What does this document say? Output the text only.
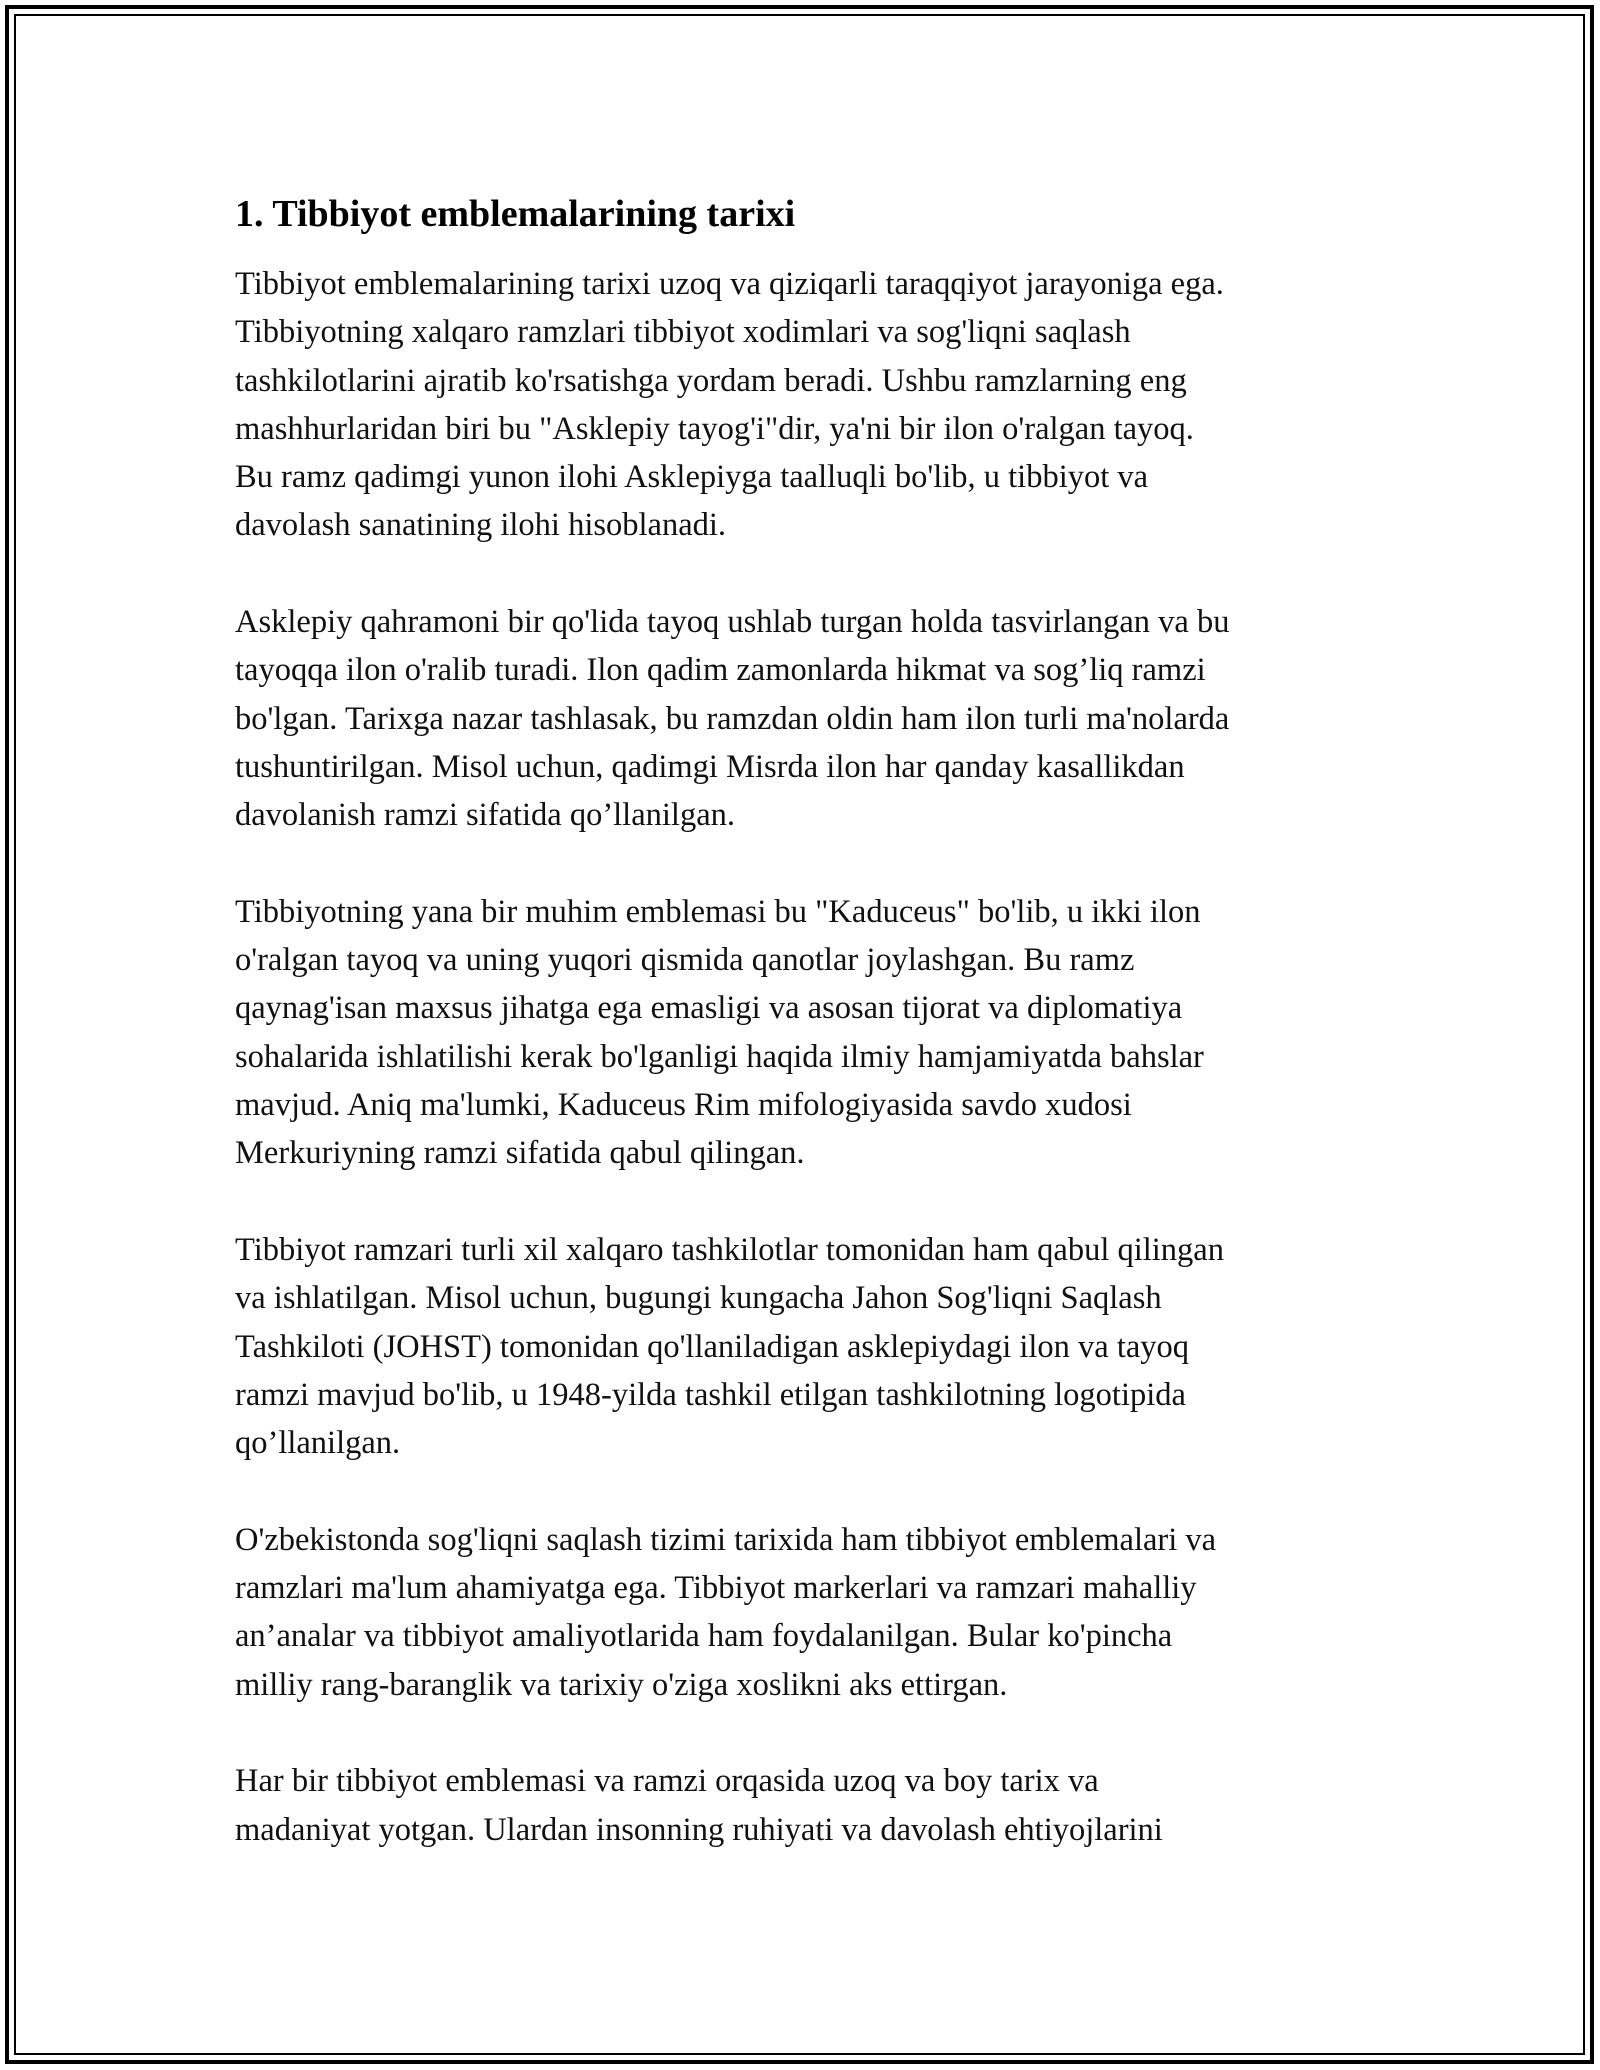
1. Tibbiyot emblemalarining tarixi

Tibbiyot emblemalarining tarixi uzoq va qiziqarli taraqqiyot jarayoniga ega.
Tibbiyotning xalqaro ramzlari tibbiyot xodimlari va sog'liqni saqlash
tashkilotlarini ajratib ko'rsatishga yordam beradi. Ushbu ramzlarning eng
mashhurlaridan biri bu "Asklepiy tayog'i"dir, ya'ni bir ilon o'ralgan tayoq.
Bu ramz qadimgi yunon ilohi Asklepiyga taalluqli bo'lib, u tibbiyot va
davolash sanatining ilohi hisoblanadi.

Asklepiy qahramoni bir qo'lida tayoq ushlab turgan holda tasvirlangan va bu
tayoqqa ilon o'ralib turadi. Ilon qadim zamonlarda hikmat va sog’liq ramzi
bo'lgan. Tarixga nazar tashlasak, bu ramzdan oldin ham ilon turli ma'nolarda
tushuntirilgan. Misol uchun, qadimgi Misrda ilon har qanday kasallikdan
davolanish ramzi sifatida qo’llanilgan.

Tibbiyotning yana bir muhim emblemasi bu "Kaduceus" bo'lib, u ikki ilon
o'ralgan tayoq va uning yuqori qismida qanotlar joylashgan. Bu ramz
qaynag'isan maxsus jihatga ega emasligi va asosan tijorat va diplomatiya
sohalarida ishlatilishi kerak bo'lganligi haqida ilmiy hamjamiyatda bahslar
mavjud. Aniq ma'lumki, Kaduceus Rim mifologiyasida savdo xudosi
Merkuriyning ramzi sifatida qabul qilingan.

Tibbiyot ramzari turli xil xalqaro tashkilotlar tomonidan ham qabul qilingan
va ishlatilgan. Misol uchun, bugungi kungacha Jahon Sog'liqni Saqlash
Tashkiloti (JOHST) tomonidan qo'llaniladigan asklepiydagi ilon va tayoq
ramzi mavjud bo'lib, u 1948-yilda tashkil etilgan tashkilotning logotipida
qo’llanilgan.

O'zbekistonda sog'liqni saqlash tizimi tarixida ham tibbiyot emblemalari va
ramzlari ma'lum ahamiyatga ega. Tibbiyot markerlari va ramzari mahalliy
an’analar va tibbiyot amaliyotlarida ham foydalanilgan. Bular ko'pincha
milliy rang-baranglik va tarixiy o'ziga xoslikni aks ettirgan.

Har bir tibbiyot emblemasi va ramzi orqasida uzoq va boy tarix va
madaniyat yotgan. Ulardan insonning ruhiyati va davolash ehtiyojlarini
